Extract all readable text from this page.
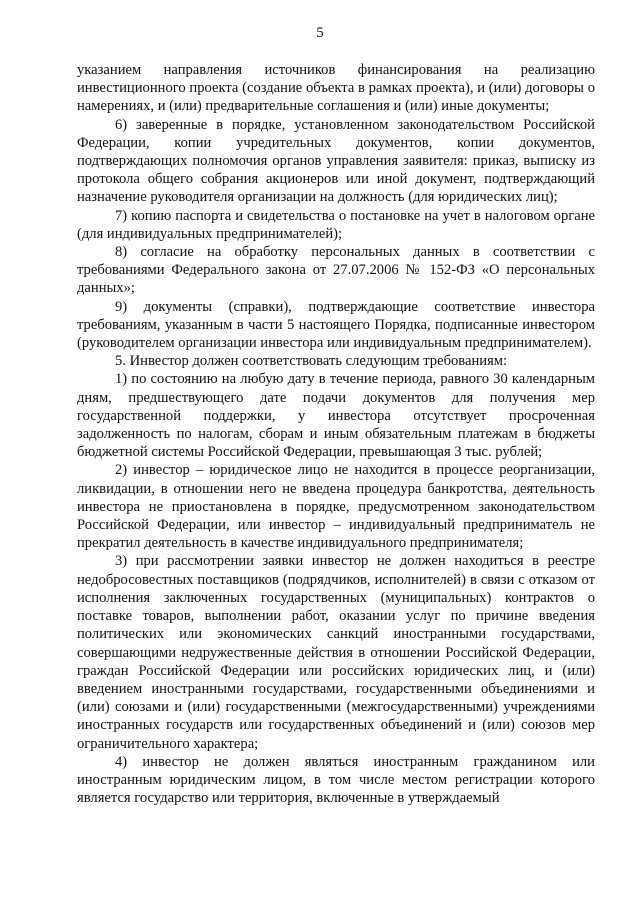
5

указанием направления источников финансирования на реализацию инвестиционного проекта (создание объекта в рамках проекта), и (или) договоры о намерениях, и (или) предварительные соглашения и (или) иные документы;

6) заверенные в порядке, установленном законодательством Российской Федерации, копии учредительных документов, копии документов, подтверждающих полномочия органов управления заявителя: приказ, выписку из протокола общего собрания акционеров или иной документ, подтверждающий назначение руководителя организации на должность (для юридических лиц);

7) копию паспорта и свидетельства о постановке на учет в налоговом органе (для индивидуальных предпринимателей);

8) согласие на обработку персональных данных в соответствии с требованиями Федерального закона от 27.07.2006 № 152-ФЗ «О персональных данных»;

9) документы (справки), подтверждающие соответствие инвестора требованиям, указанным в части 5 настоящего Порядка, подписанные инвестором (руководителем организации инвестора или индивидуальным предпринимателем).

5. Инвестор должен соответствовать следующим требованиям:

1) по состоянию на любую дату в течение периода, равного 30 календарным дням, предшествующего дате подачи документов для получения мер государственной поддержки, у инвестора отсутствует просроченная задолженность по налогам, сборам и иным обязательным платежам в бюджеты бюджетной системы Российской Федерации, превышающая 3 тыс. рублей;

2) инвестор – юридическое лицо не находится в процессе реорганизации, ликвидации, в отношении него не введена процедура банкротства, деятельность инвестора не приостановлена в порядке, предусмотренном законодательством Российской Федерации, или инвестор – индивидуальный предприниматель не прекратил деятельность в качестве индивидуального предпринимателя;

3) при рассмотрении заявки инвестор не должен находиться в реестре недобросовестных поставщиков (подрядчиков, исполнителей) в связи с отказом от исполнения заключенных государственных (муниципальных) контрактов о поставке товаров, выполнении работ, оказании услуг по причине введения политических или экономических санкций иностранными государствами, совершающими недружественные действия в отношении Российской Федерации, граждан Российской Федерации или российских юридических лиц, и (или) введением иностранными государствами, государственными объединениями и (или) союзами и (или) государственными (межгосударственными) учреждениями иностранных государств или государственных объединений и (или) союзов мер ограничительного характера;

4) инвестор не должен являться иностранным гражданином или иностранным юридическим лицом, в том числе местом регистрации которого является государство или территория, включенные в утверждаемый
